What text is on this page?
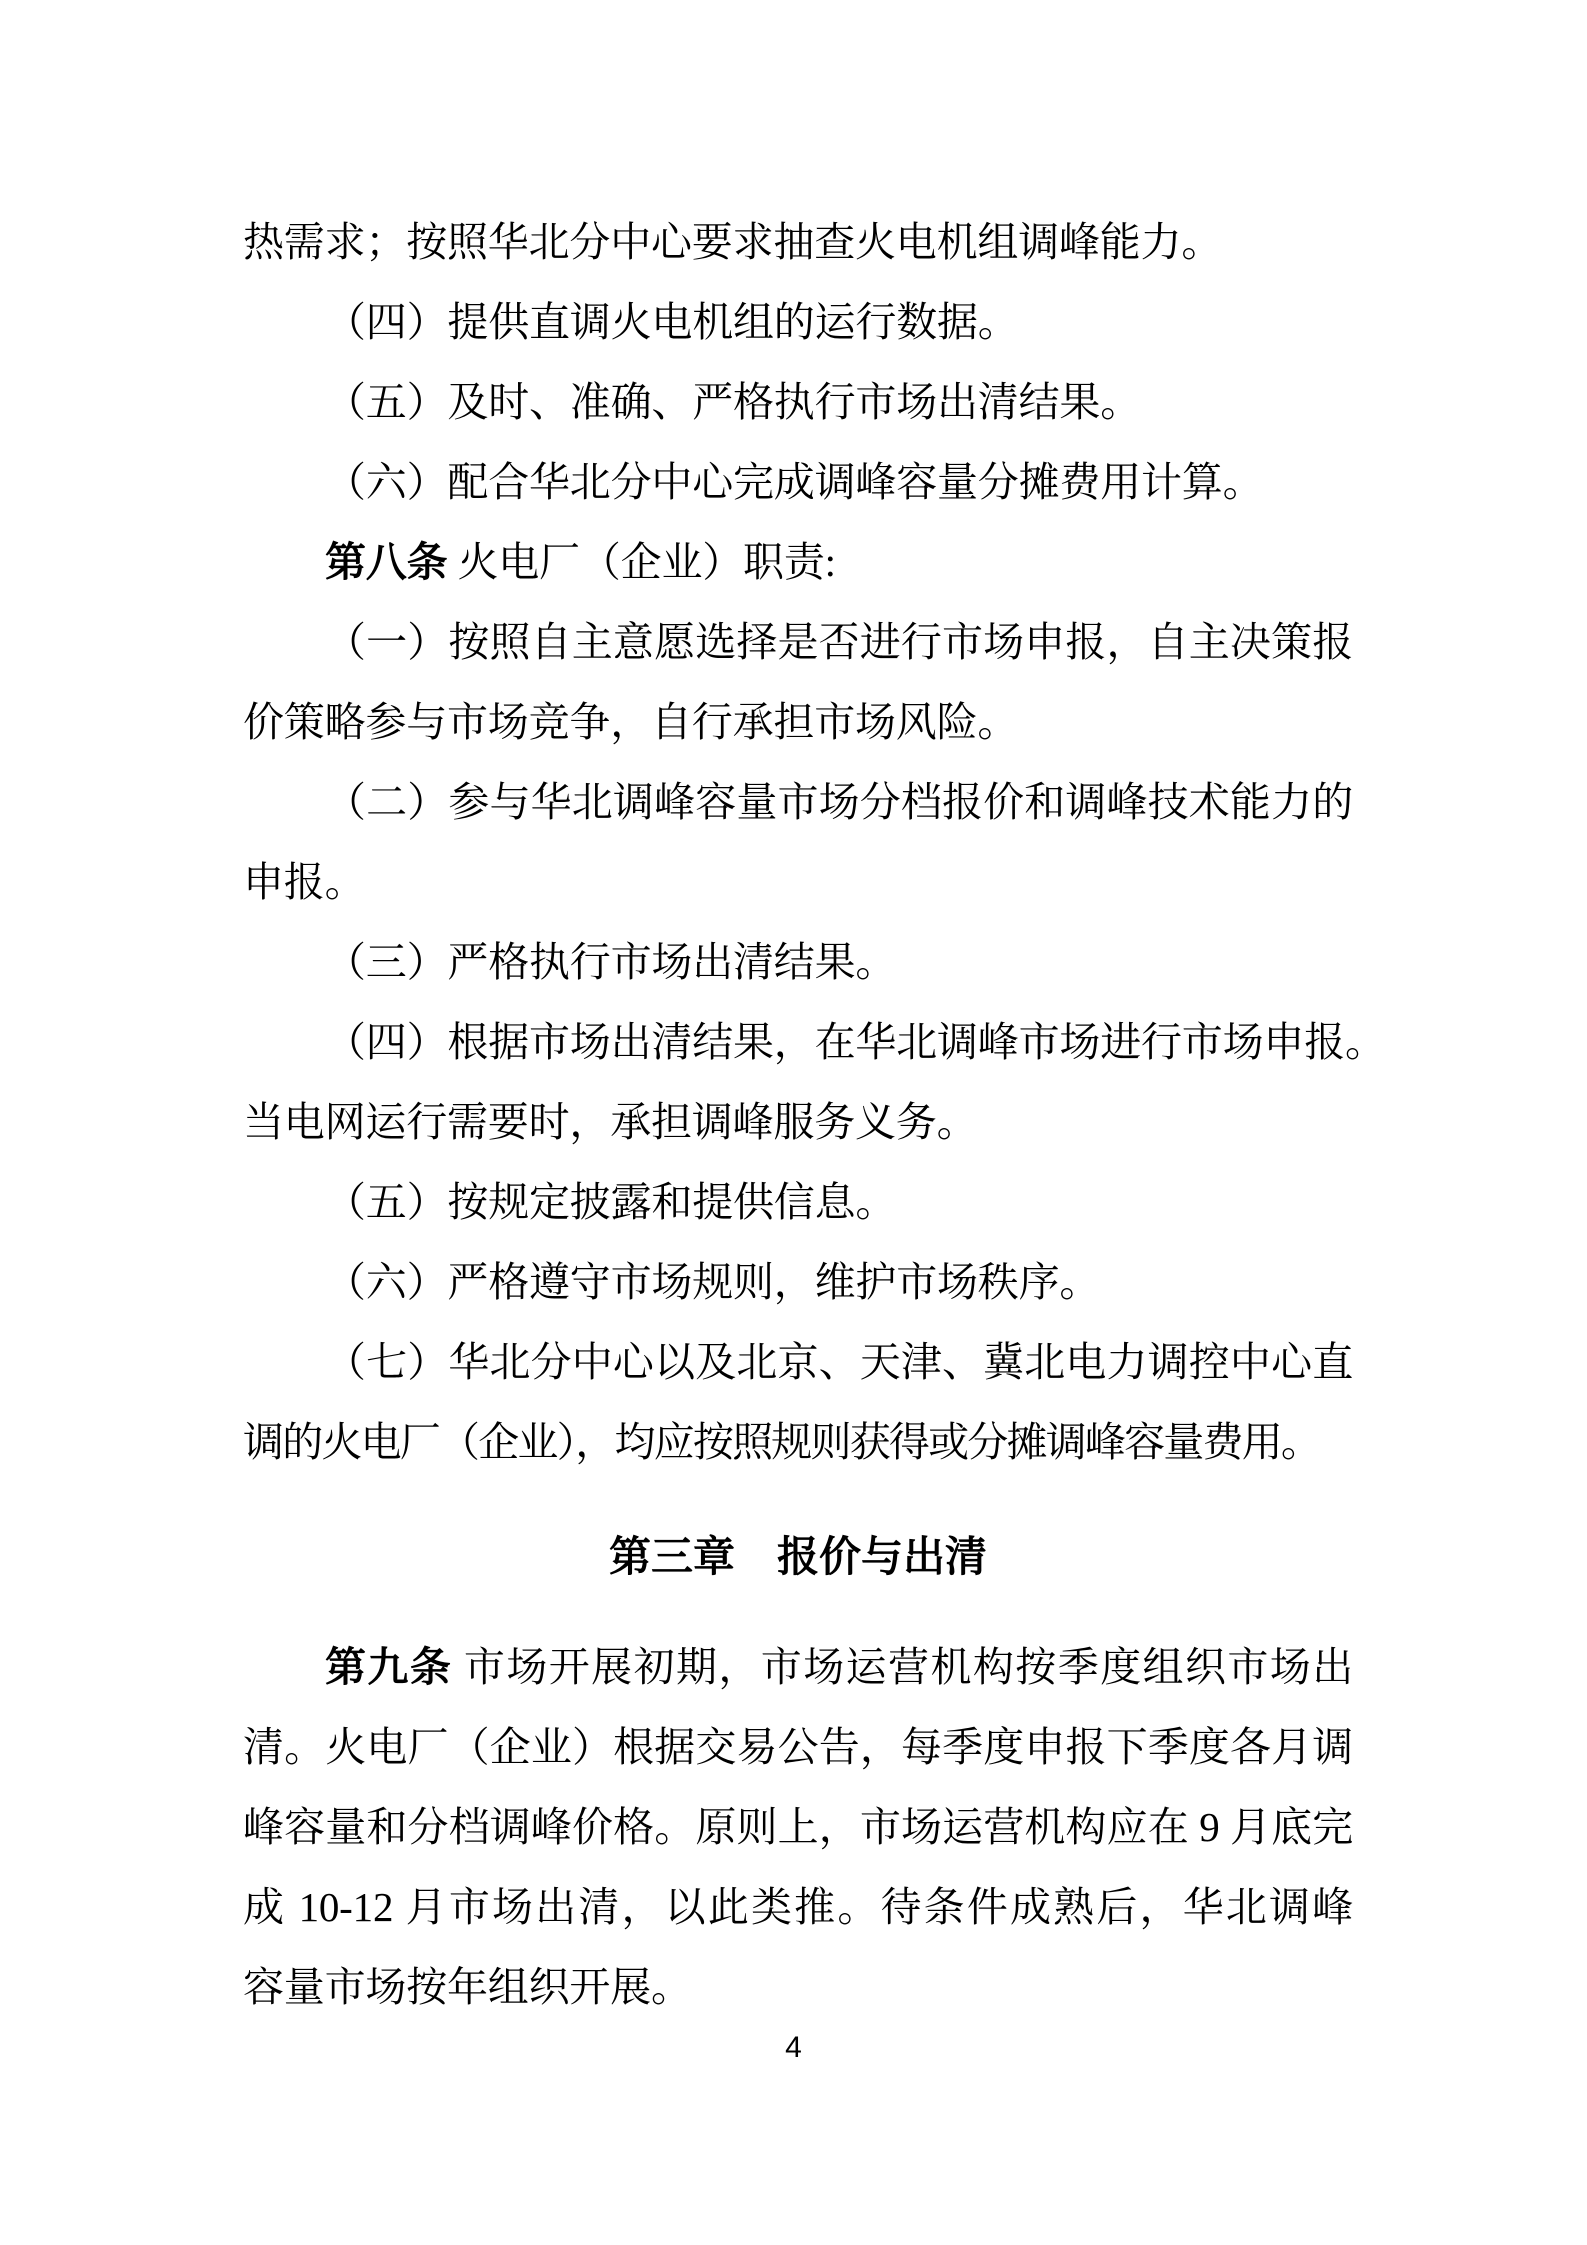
热需求；按照华北分中心要求抽查火电机组调峰能力。
（四）提供直调火电机组的运行数据。
（五）及时、准确、严格执行市场出清结果。
（六）配合华北分中心完成调峰容量分摊费用计算。
第八条 火电厂（企业）职责:
（一）按照自主意愿选择是否进行市场申报，自主决策报
价策略参与市场竞争，自行承担市场风险。
（二）参与华北调峰容量市场分档报价和调峰技术能力的
申报。
（三）严格执行市场出清结果。
（四）根据市场出清结果，在华北调峰市场进行市场申报。
当电网运行需要时，承担调峰服务义务。
（五）按规定披露和提供信息。
（六）严格遵守市场规则，维护市场秩序。
（七）华北分中心以及北京、天津、冀北电力调控中心直
调的火电厂（企业），均应按照规则获得或分摊调峰容量费用。
第三章　报价与出清
第九条 市场开展初期，市场运营机构按季度组织市场出
清。火电厂（企业）根据交易公告，每季度申报下季度各月调
峰容量和分档调峰价格。原则上，市场运营机构应在 9 月底完
成 10-12 月市场出清，以此类推。待条件成熟后，华北调峰
容量市场按年组织开展。
4
